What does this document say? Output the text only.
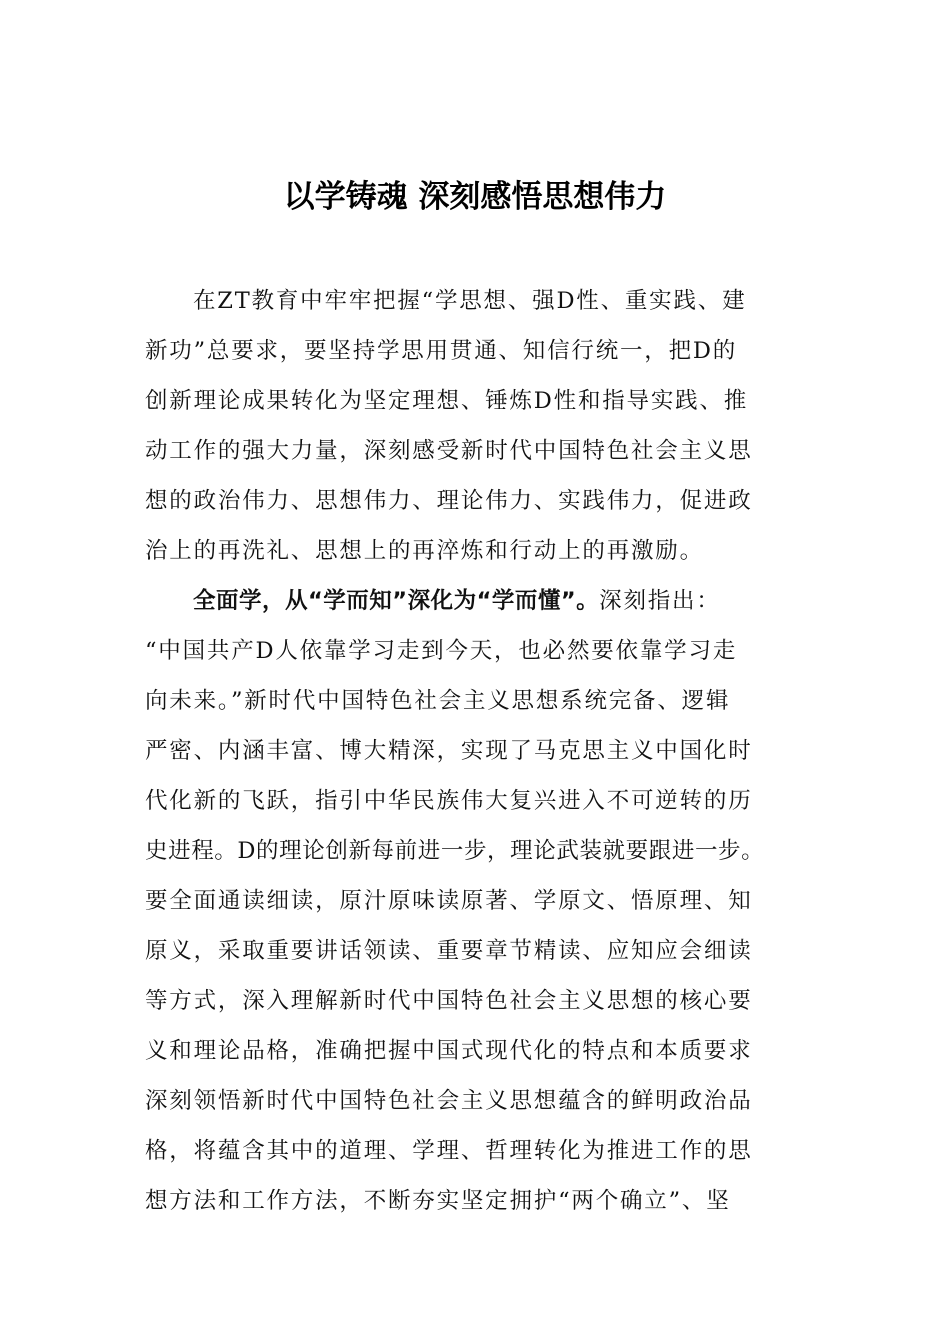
以学铸魂 深刻感悟思想伟力
在ZT教育中牢牢把握“学思想、强D性、重实践、建
新功”总要求，要坚持学思用贯通、知信行统一，把D的
创新理论成果转化为坚定理想、锤炼D性和指导实践、推
动工作的强大力量，深刻感受新时代中国特色社会主义思
想的政治伟力、思想伟力、理论伟力、实践伟力，促进政
治上的再洗礼、思想上的再淬炼和行动上的再激励。
全面学，从“学而知”深化为“学而懂”。深刻指出：
“中国共产D人依靠学习走到今天，也必然要依靠学习走
向未来。”新时代中国特色社会主义思想系统完备、逻辑
严密、内涵丰富、博大精深，实现了马克思主义中国化时
代化新的飞跃，指引中华民族伟大复兴进入不可逆转的历
史进程。D的理论创新每前进一步，理论武装就要跟进一步。
要全面通读细读，原汁原味读原著、学原文、悟原理、知
原义，采取重要讲话领读、重要章节精读、应知应会细读
等方式，深入理解新时代中国特色社会主义思想的核心要
义和理论品格，准确把握中国式现代化的特点和本质要求
深刻领悟新时代中国特色社会主义思想蕴含的鲜明政治品
格，将蕴含其中的道理、学理、哲理转化为推进工作的思
想方法和工作方法，不断夯实坚定拥护“两个确立”、坚
